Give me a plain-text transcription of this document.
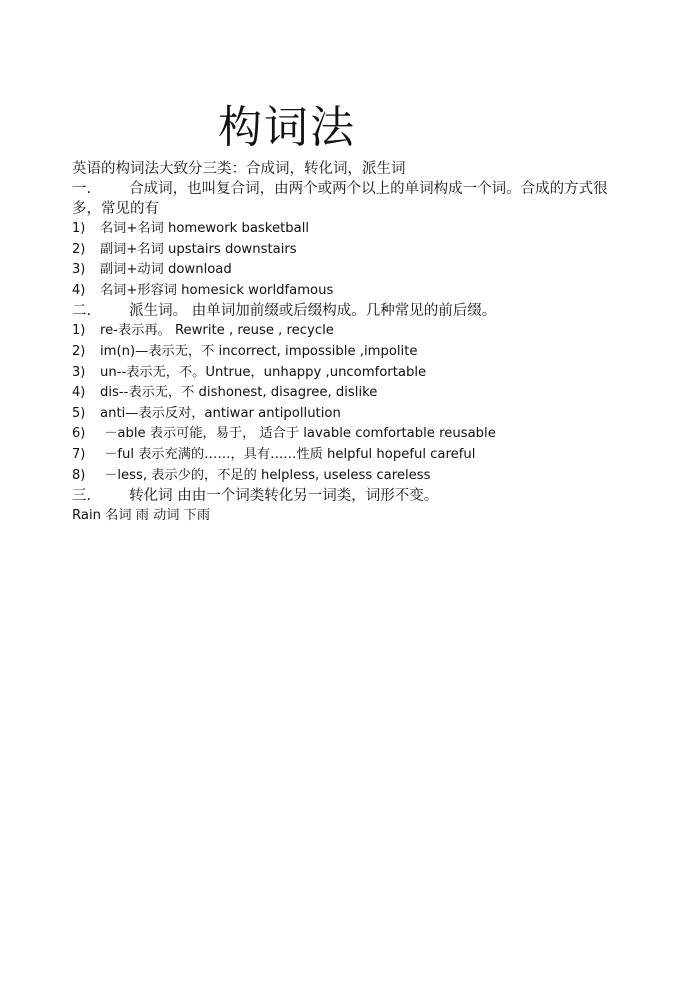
构词法
英语的构词法大致分三类：合成词，转化词，派生词
一.	合成词，也叫复合词，由两个或两个以上的单词构成一个词。合成的方式很多，常见的有
1) 名词+名词 homework basketball
2) 副词+名词 upstairs downstairs
3) 副词+动词 download
4) 名词+形容词 homesick worldfamous
二.	派生词。 由单词加前缀或后缀构成。几种常见的前后缀。
1) re-表示再。 Rewrite , reuse , recycle
2) im(n)—表示无，不 incorrect, impossible ,impolite
3) un--表示无，不。Untrue，unhappy ,uncomfortable
4) dis--表示无，不 dishonest, disagree, dislike
5) anti—表示反对，antiwar antipollution
6) －able 表示可能，易于， 适合于 lavable comfortable reusable
7) －ful 表示充满的……，具有……性质 helpful hopeful careful
8) －less, 表示少的，不足的 helpless, useless careless
三.	转化词 由由一个词类转化另一词类，词形不变。
Rain 名词 雨 动词 下雨
